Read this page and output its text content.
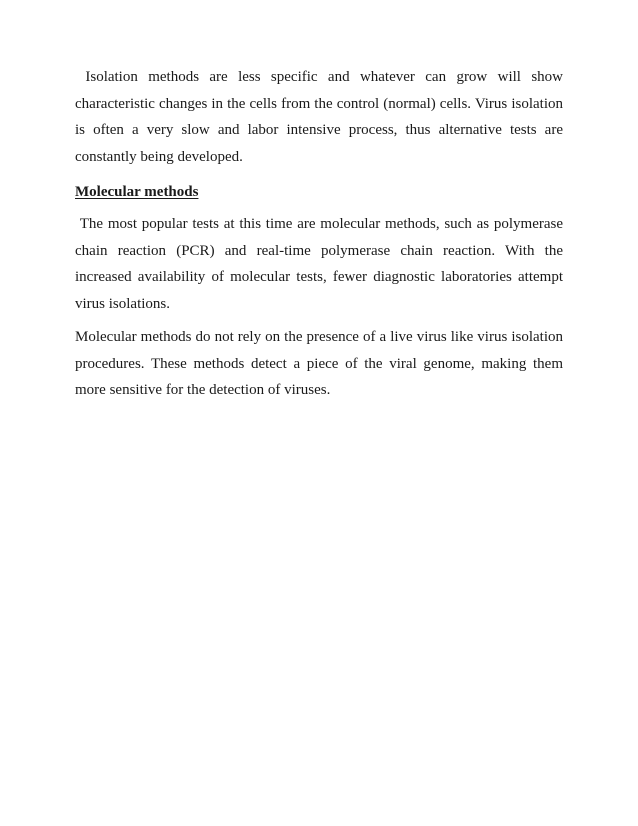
Isolation methods are less specific and whatever can grow will show characteristic changes in the cells from the control (normal) cells. Virus isolation is often a very slow and labor intensive process, thus alternative tests are constantly being developed.

Molecular methods

The most popular tests at this time are molecular methods, such as polymerase chain reaction (PCR) and real-time polymerase chain reaction. With the increased availability of molecular tests, fewer diagnostic laboratories attempt virus isolations.

Molecular methods do not rely on the presence of a live virus like virus isolation procedures. These methods detect a piece of the viral genome, making them more sensitive for the detection of viruses.
